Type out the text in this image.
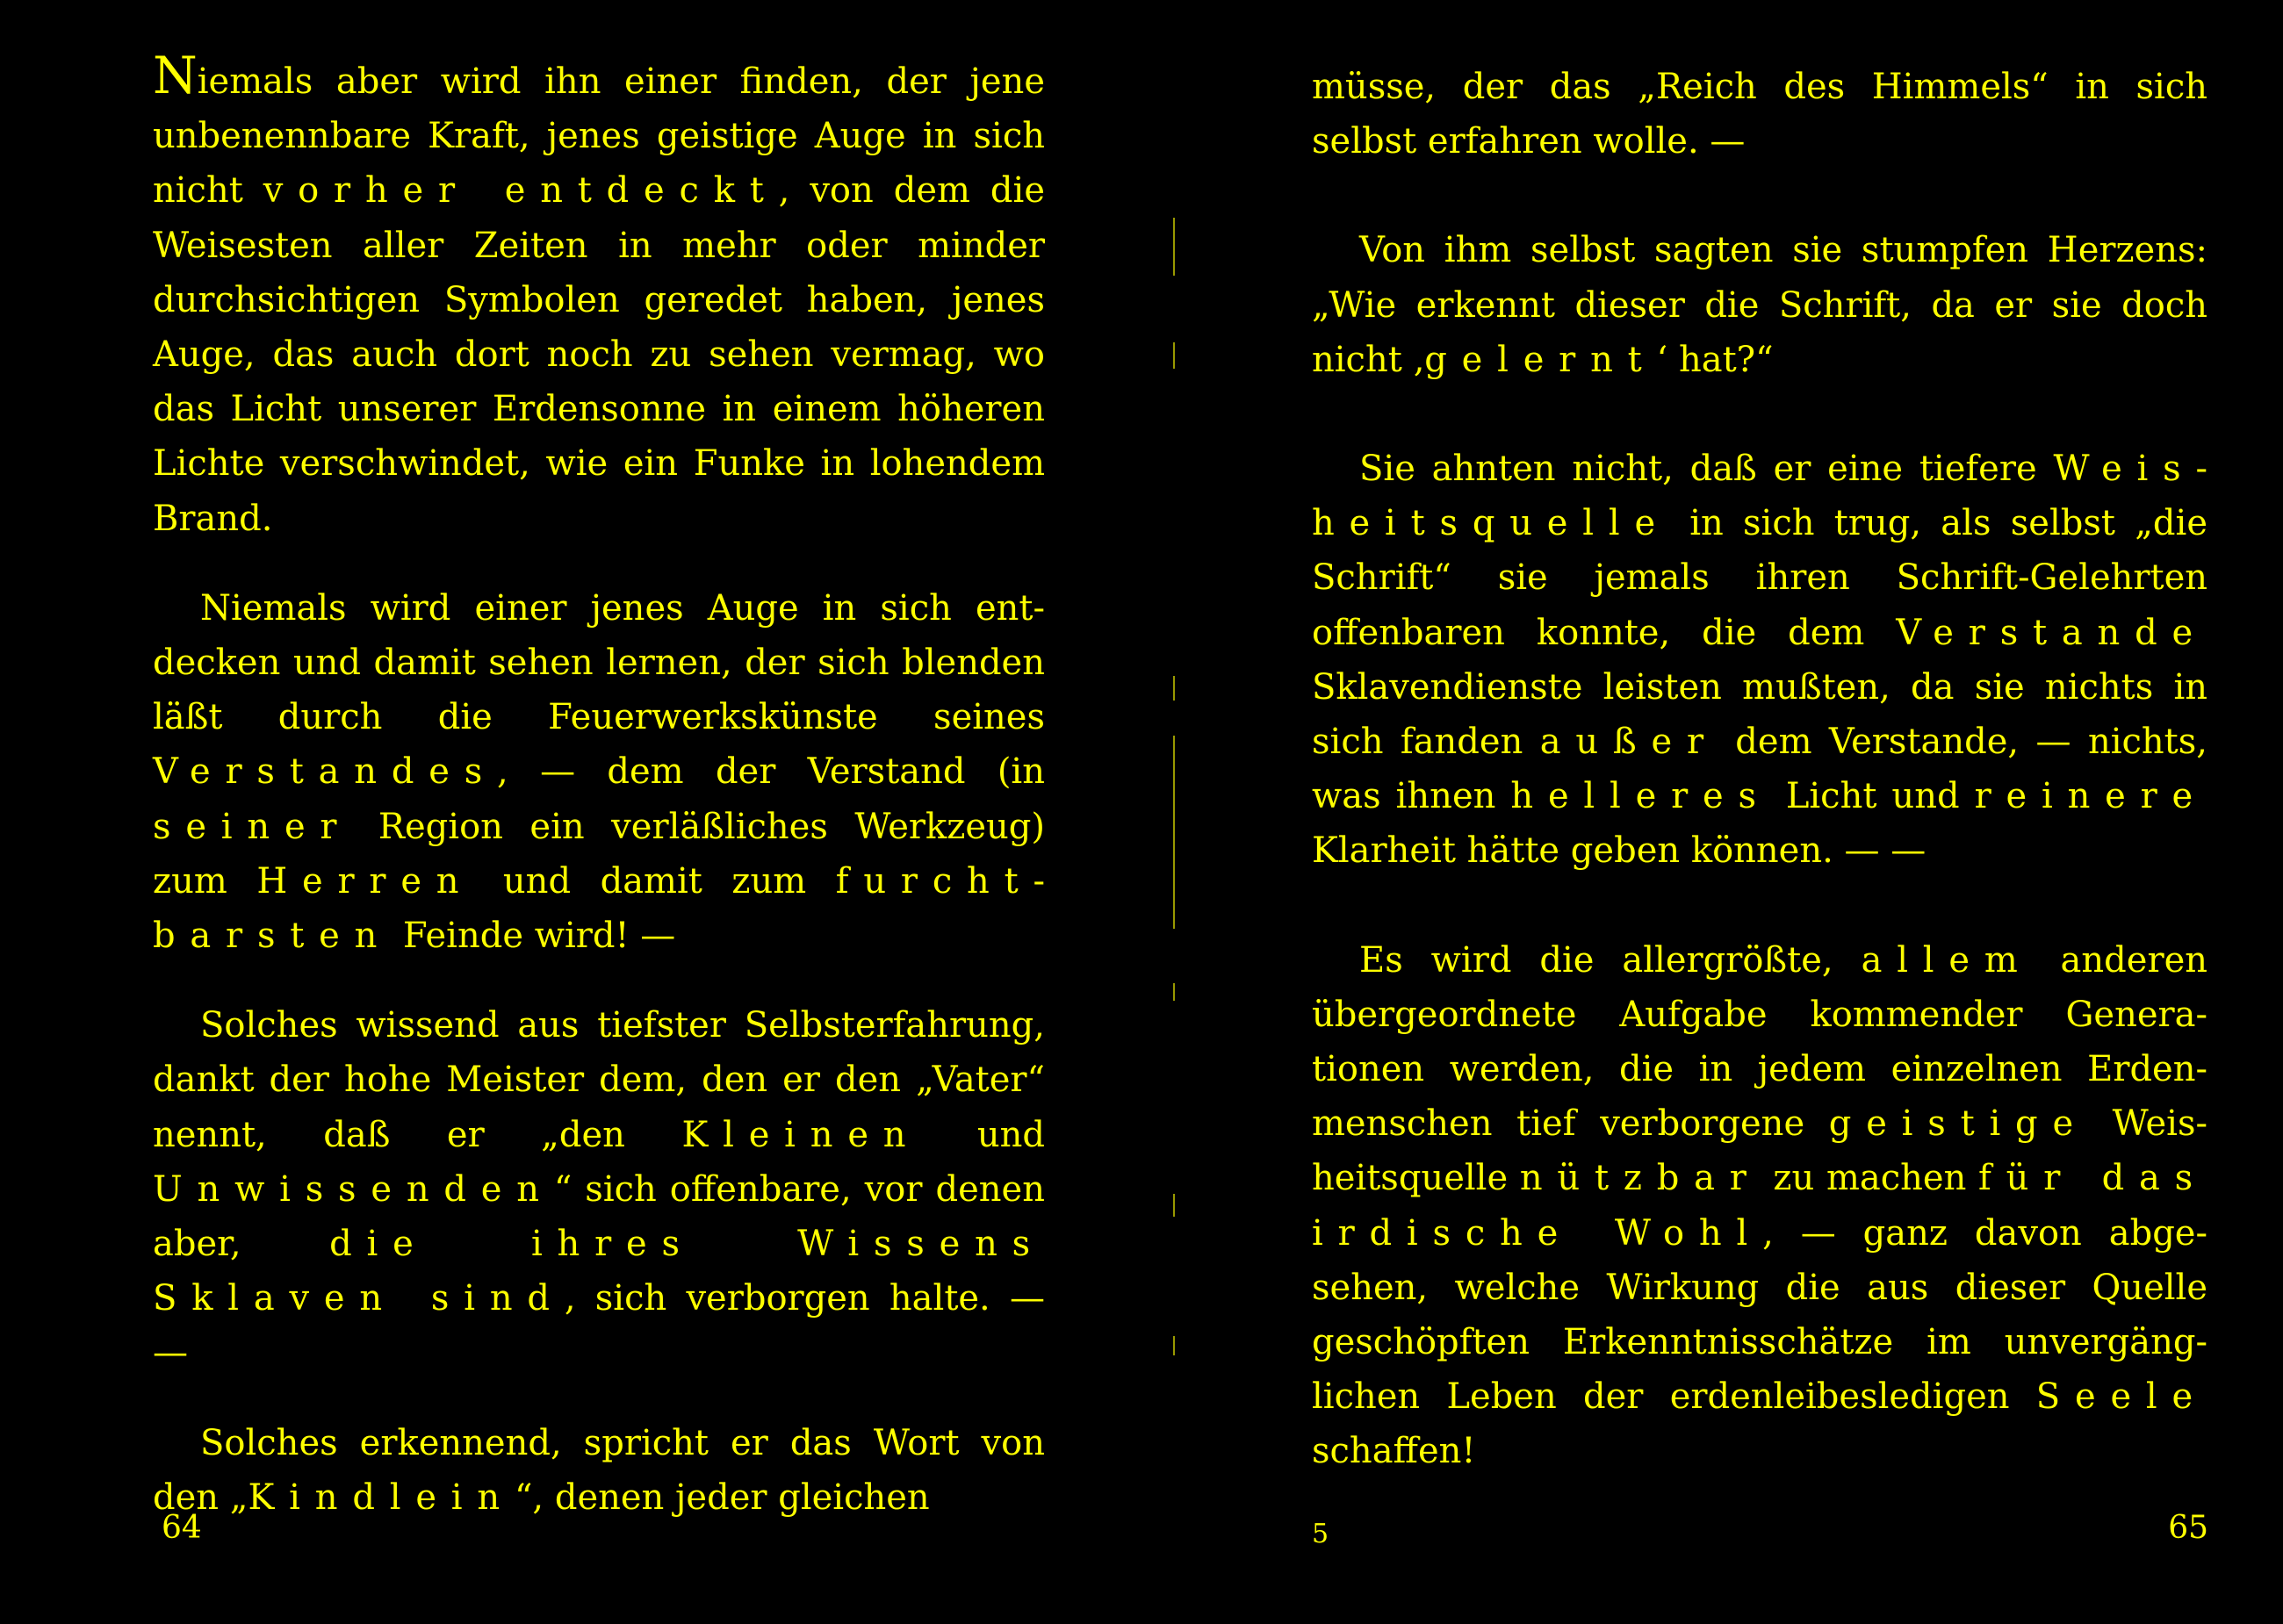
Niemals aber wird ihn einer finden, der jene unbenennbare Kraft, jenes geistige Auge in sich nicht vorher entdeckt, von dem die Weisesten aller Zeiten in mehr oder minder durchsichtigen Symbolen geredet haben, jenes Auge, das auch dort noch zu sehen vermag, wo das Licht unserer Erdensonne in einem höheren Lichte verschwindet, wie ein Funke in lohendem Brand.

Niemals wird einer jenes Auge in sich entdecken und damit sehen lernen, der sich blenden läßt durch die Feuerwerkskünste seines Verstandes, — dem der Verstand (in seiner Region ein verläßliches Werkzeug) zum Herren und damit zum furchtbarsten Feinde wird! —

Solches wissend aus tiefster Selbsterfahrung, dankt der hohe Meister dem, den er den „Vater“ nennt, daß er „den Kleinen und Unwissenden“ sich offenbare, vor denen aber, die ihres Wissens Sklaven sind, sich verborgen halte. — —

Solches erkennend, spricht er das Wort von den „Kindlein“, denen jeder gleichen

64

müsse, der das „Reich des Himmels“ in sich selbst erfahren wolle. —

Von ihm selbst sagten sie stumpfen Herzens: „Wie erkennt dieser die Schrift, da er sie doch nicht ‚gelernt‘ hat?“

Sie ahnten nicht, daß er eine tiefere Weisheitsquelle in sich trug, als selbst „die Schrift“ sie jemals ihren Schrift-Gelehrten offenbaren konnte, die dem Verstande Sklavendienste leisten mußten, da sie nichts in sich fanden außer dem Verstande, — nichts, was ihnen helleres Licht und reinere Klarheit hätte geben können. — —

Es wird die allergrößte, allem anderen übergeordnete Aufgabe kommender Generationen werden, die in jedem einzelnen Erdenmenschen tief verborgene geistige Weisheitsquelle nützbar zu machen für das irdische Wohl, — ganz davon abgesehen, welche Wirkung die aus dieser Quelle geschöpften Erkenntnisschätze im unvergänglichen Leben der erdenleibesledigen Seele schaffen!

5	65
